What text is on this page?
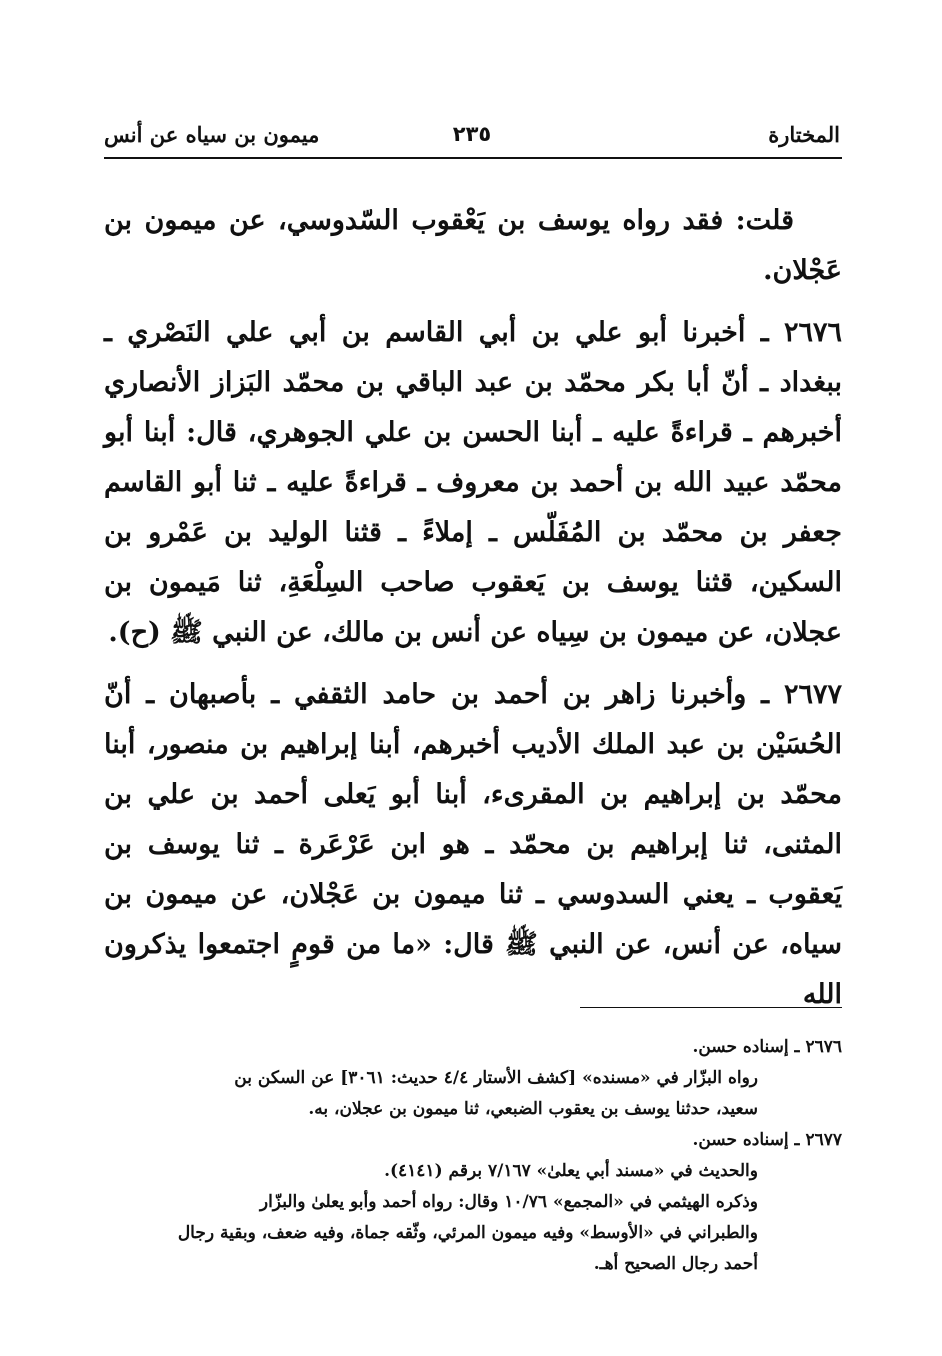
المختارة
٢٣٥
ميمون بن سياه عن أنس

قلت: فقد رواه يوسف بن يَعْقوب السّدوسي، عن ميمون بن عَجْلان.

٢٦٧٦ ـ أخبرنا أبو علي بن أبي القاسم بن أبي علي النَصْري ـ ببغداد ـ أنّ أبا بكر محمّد بن عبد الباقي بن محمّد البَزاز الأنصاري أخبرهم ـ قراءةً عليه ـ أبنا الحسن بن علي الجوهري، قال: أبنا أبو محمّد عبيد الله بن أحمد بن معروف ـ قراءةً عليه ـ ثنا أبو القاسم جعفر بن محمّد بن المُفَلّس ـ إملاءً ـ قثنا الوليد بن عَمْرو بن السكين، قثنا يوسف بن يَعقوب صاحب السِلْعَةِ، ثنا مَيمون بن عجلان، عن ميمون بن سِياه عن أنس بن مالك، عن النبي ﷺ (ح).

٢٦٧٧ ـ وأخبرنا زاهر بن أحمد بن حامد الثقفي ـ بأصبهان ـ أنّ الحُسَيْن بن عبد الملك الأديب أخبرهم، أبنا إبراهيم بن منصور، أبنا محمّد بن إبراهيم بن المقرىء، أبنا أبو يَعلى أحمد بن علي بن المثنى، ثنا إبراهيم بن محمّد ـ هو ابن عَرْعَرة ـ ثنا يوسف بن يَعقوب ـ يعني السدوسي ـ ثنا ميمون بن عَجْلان، عن ميمون بن سياه، عن أنس، عن النبي ﷺ قال: «ما من قومٍ اجتمعوا يذكرون الله

٢٦٧٦ ـ إسناده حسن.

رواه البزّار في «مسنده» [كشف الأستار ٤/٤ حديث: ٣٠٦١] عن السكن بن

سعيد، حدثنا يوسف بن يعقوب الضبعي، ثنا ميمون بن عجلان، به.

٢٦٧٧ ـ إسناده حسن.

والحديث في «مسند أبي يعلىٰ» ٧/١٦٧ برقم (٤١٤١).

وذكره الهيثمي في «المجمع» ١٠/٧٦ وقال: رواه أحمد وأبو يعلىٰ والبزّار

والطبراني في «الأوسط» وفيه ميمون المرئي، وثّقه جماة، وفيه ضعف، وبقية رجال

أحمد رجال الصحيح أهـ.
